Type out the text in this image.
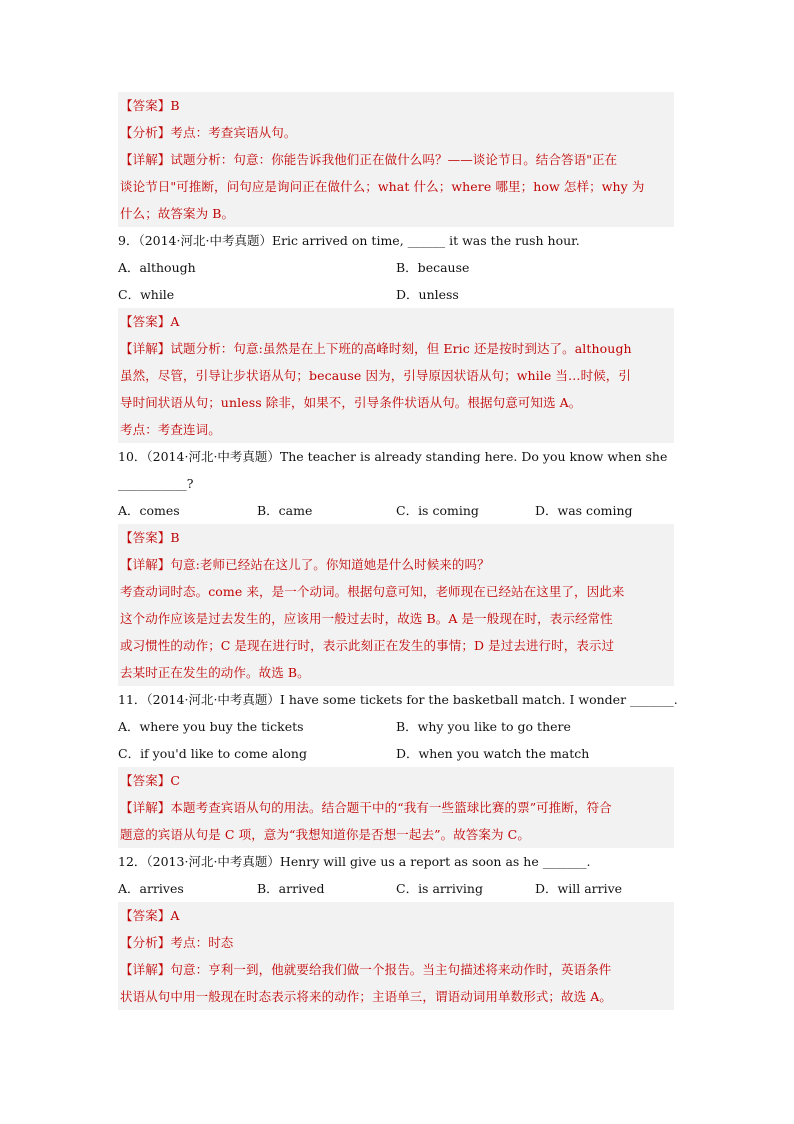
【答案】B
【分析】考点：考查宾语从句。
【详解】试题分析：句意：你能告诉我他们正在做什么吗？——谈论节日。结合答语"正在
谈论节日"可推断，问句应是询问正在做什么；what 什么；where 哪里；how 怎样；why 为
什么；故答案为 B。
9．（2014·河北·中考真题）Eric arrived on time, ______ it was the rush hour.
A．although	B．because
C．while	D．unless
【答案】A
【详解】试题分析：句意:虽然是在上下班的高峰时刻，但 Eric 还是按时到达了。although
虽然，尽管，引导让步状语从句；because 因为，引导原因状语从句；while 当…时候，引
导时间状语从句；unless 除非，如果不，引导条件状语从句。根据句意可知选 A。
考点：考查连词。
10．（2014·河北·中考真题）The teacher is already standing here. Do you know when she
___________?
A．comes	B．came	C．is coming	D．was coming
【答案】B
【详解】句意:老师已经站在这儿了。你知道她是什么时候来的吗？
考查动词时态。come 来，是一个动词。根据句意可知，老师现在已经站在这里了，因此来
这个动作应该是过去发生的，应该用一般过去时，故选 B。A 是一般现在时，表示经常性
或习惯性的动作；C 是现在进行时，表示此刻正在发生的事情；D 是过去进行时，表示过
去某时正在发生的动作。故选 B。
11．（2014·河北·中考真题）I have some tickets for the basketball match. I wonder _______.
A．where you buy the tickets	B．why you like to go there
C．if you'd like to come along	D．when you watch the match
【答案】C
【详解】本题考查宾语从句的用法。结合题干中的“我有一些篮球比赛的票”可推断，符合
题意的宾语从句是 C 项，意为“我想知道你是否想一起去”。故答案为 C。
12．（2013·河北·中考真题）Henry will give us a report as soon as he _______.
A．arrives	B．arrived	C．is arriving	D．will arrive
【答案】A
【分析】考点：时态
【详解】句意：亨利一到，他就要给我们做一个报告。当主句描述将来动作时，英语条件
状语从句中用一般现在时态表示将来的动作；主语单三，谓语动词用单数形式；故选 A。
